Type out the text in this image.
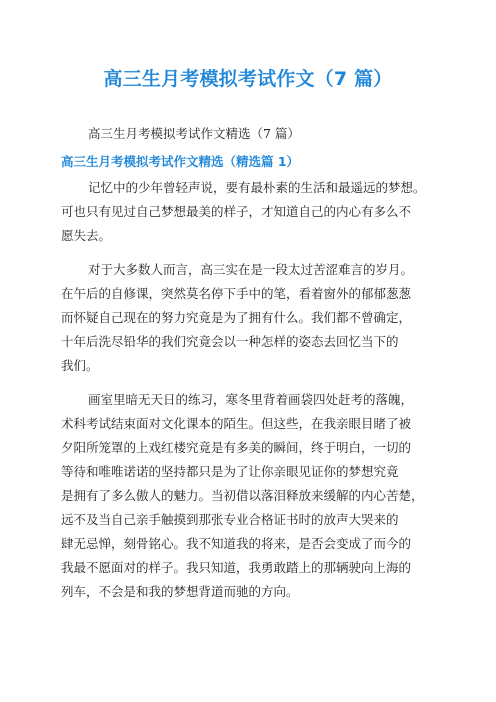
高三生月考模拟考试作文（7 篇）
高三生月考模拟考试作文精选（7 篇）
高三生月考模拟考试作文精选（精选篇 1）
记忆中的少年曾轻声说，要有最朴素的生活和最遥远的梦想。
可也只有见过自己梦想最美的样子，才知道自己的内心有多么不
愿失去。
对于大多数人而言，高三实在是一段太过苦涩难言的岁月。
在午后的自修课，突然莫名停下手中的笔，看着窗外的郁郁葱葱
而怀疑自己现在的努力究竟是为了拥有什么。我们都不曾确定，
十年后洗尽铅华的我们究竟会以一种怎样的姿态去回忆当下的
我们。
画室里暗无天日的练习，寒冬里背着画袋四处赶考的落魄，
术科考试结束面对文化课本的陌生。但这些，在我亲眼目睹了被
夕阳所笼罩的上戏红楼究竟是有多美的瞬间，终于明白，一切的
等待和唯唯诺诺的坚持都只是为了让你亲眼见证你的梦想究竟
是拥有了多么傲人的魅力。当初借以落泪释放来缓解的内心苦楚，
远不及当自己亲手触摸到那张专业合格证书时的放声大哭来的
肆无忌惮，刻骨铭心。我不知道我的将来，是否会变成了而今的
我最不愿面对的样子。我只知道，我勇敢踏上的那辆驶向上海的
列车，不会是和我的梦想背道而驰的方向。
